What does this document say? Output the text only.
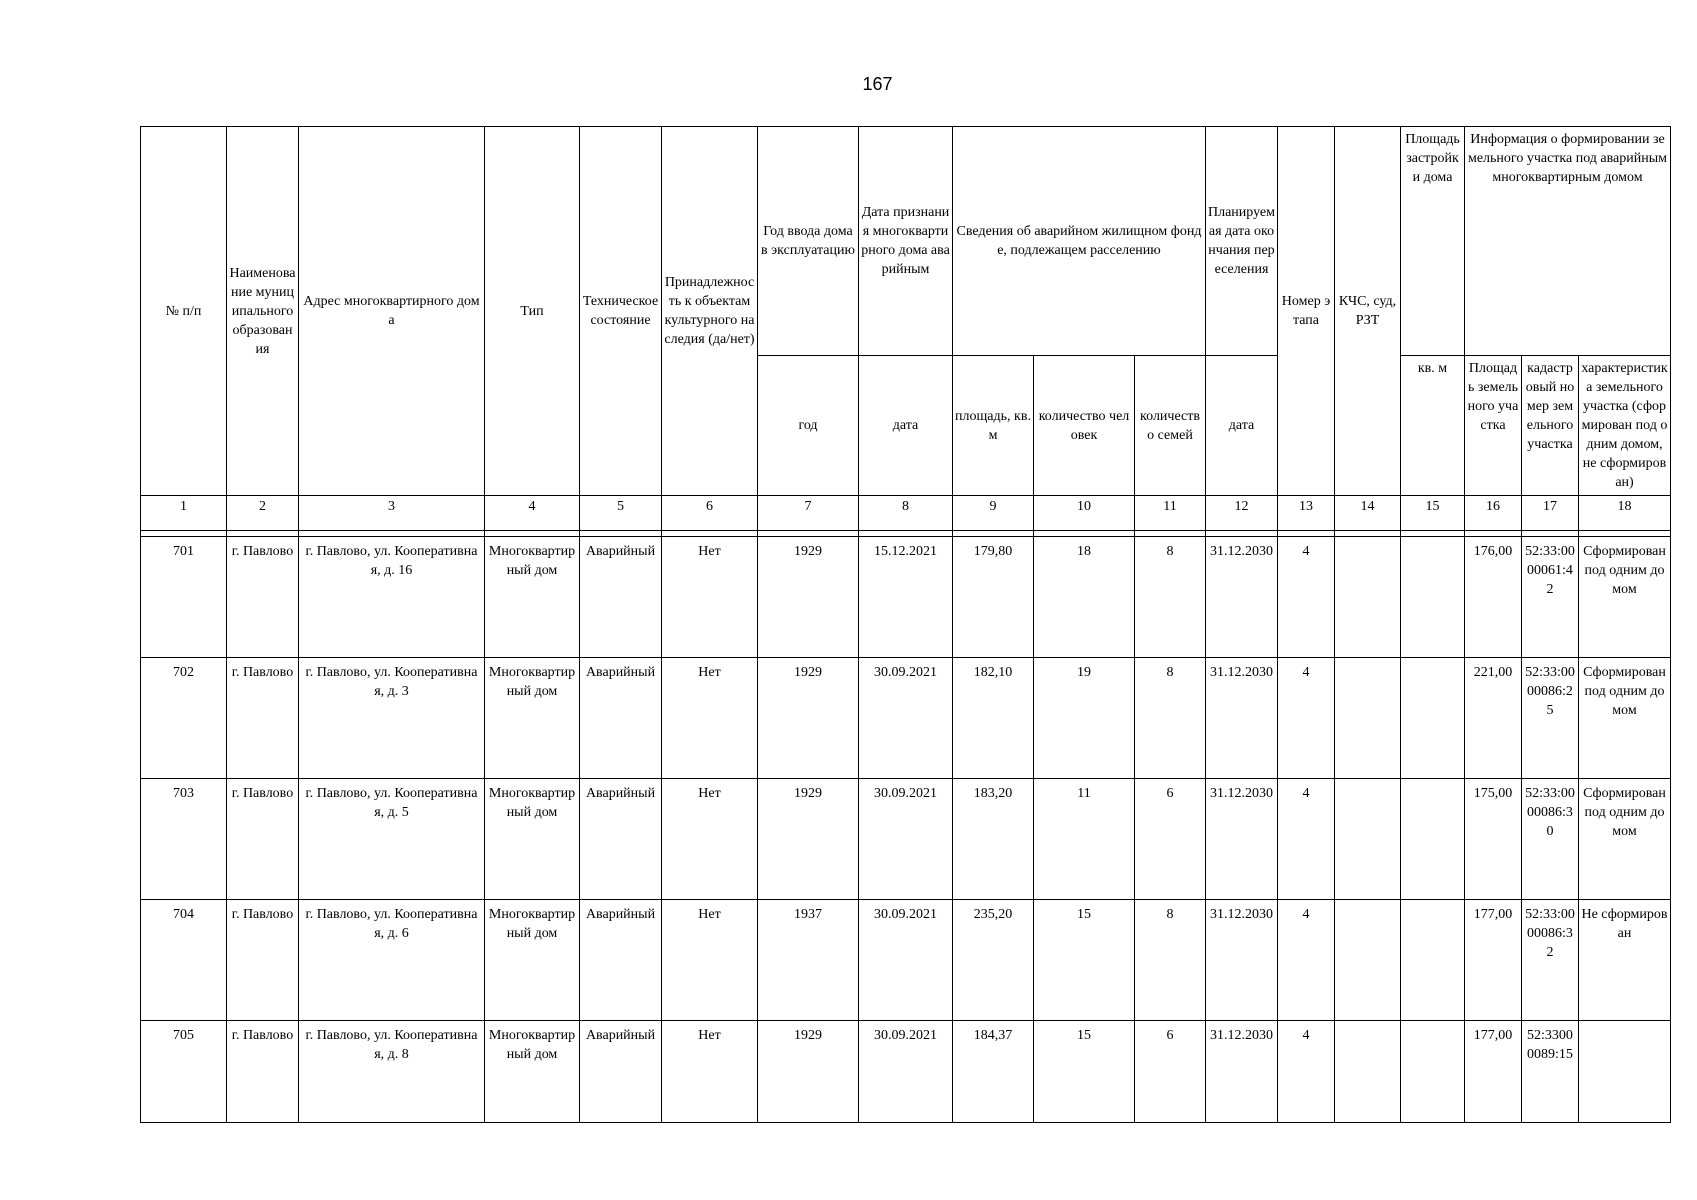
167
№ п/п	Наименование муниципального образования	Адрес многоквартирного дома	Тип	Техническое состояние	Принадлежность к объектам культурного наследия (да/нет)	Год ввода дома в эксплуатацию	Дата признания многоквартирного дома аварийным	Сведения об аварийном жилищном фонде, подлежащем расселению			Планируемая дата окончания переселения	Номер этапа	КЧС, суд, РЗТ	Площадь застройки дома	Информация о формировании земельного участка под аварийным многоквартирным домом		
						год	дата	площадь, кв.м	количество человек	количество семей	дата			кв. м	Площадь земельного участка	кадастровый номер земельного участка	характеристика земельного участка (сформирован под одним домом, не сформирован)
1	2	3	4	5	6	7	8	9	10	11	12	13	14	15	16	17	18

701	г. Павлово	г. Павлово, ул. Кооперативная, д. 16	Многоквартирный дом	Аварийный	Нет	1929	15.12.2021	179,80	18	8	31.12.2030	4			176,00	52:33:0000061:42	Сформирован под одним домом
702	г. Павлово	г. Павлово, ул. Кооперативная, д. 3	Многоквартирный дом	Аварийный	Нет	1929	30.09.2021	182,10	19	8	31.12.2030	4			221,00	52:33:0000086:25	Сформирован под одним домом
703	г. Павлово	г. Павлово, ул. Кооперативная, д. 5	Многоквартирный дом	Аварийный	Нет	1929	30.09.2021	183,20	11	6	31.12.2030	4			175,00	52:33:0000086:30	Сформирован под одним домом
704	г. Павлово	г. Павлово, ул. Кооперативная, д. 6	Многоквартирный дом	Аварийный	Нет	1937	30.09.2021	235,20	15	8	31.12.2030	4			177,00	52:33:0000086:32	Не сформирован
705	г. Павлово	г. Павлово, ул. Кооперативная, д. 8	Многоквартирный дом	Аварийный	Нет	1929	30.09.2021	184,37	15	6	31.12.2030	4			177,00	52:33000089:15	
